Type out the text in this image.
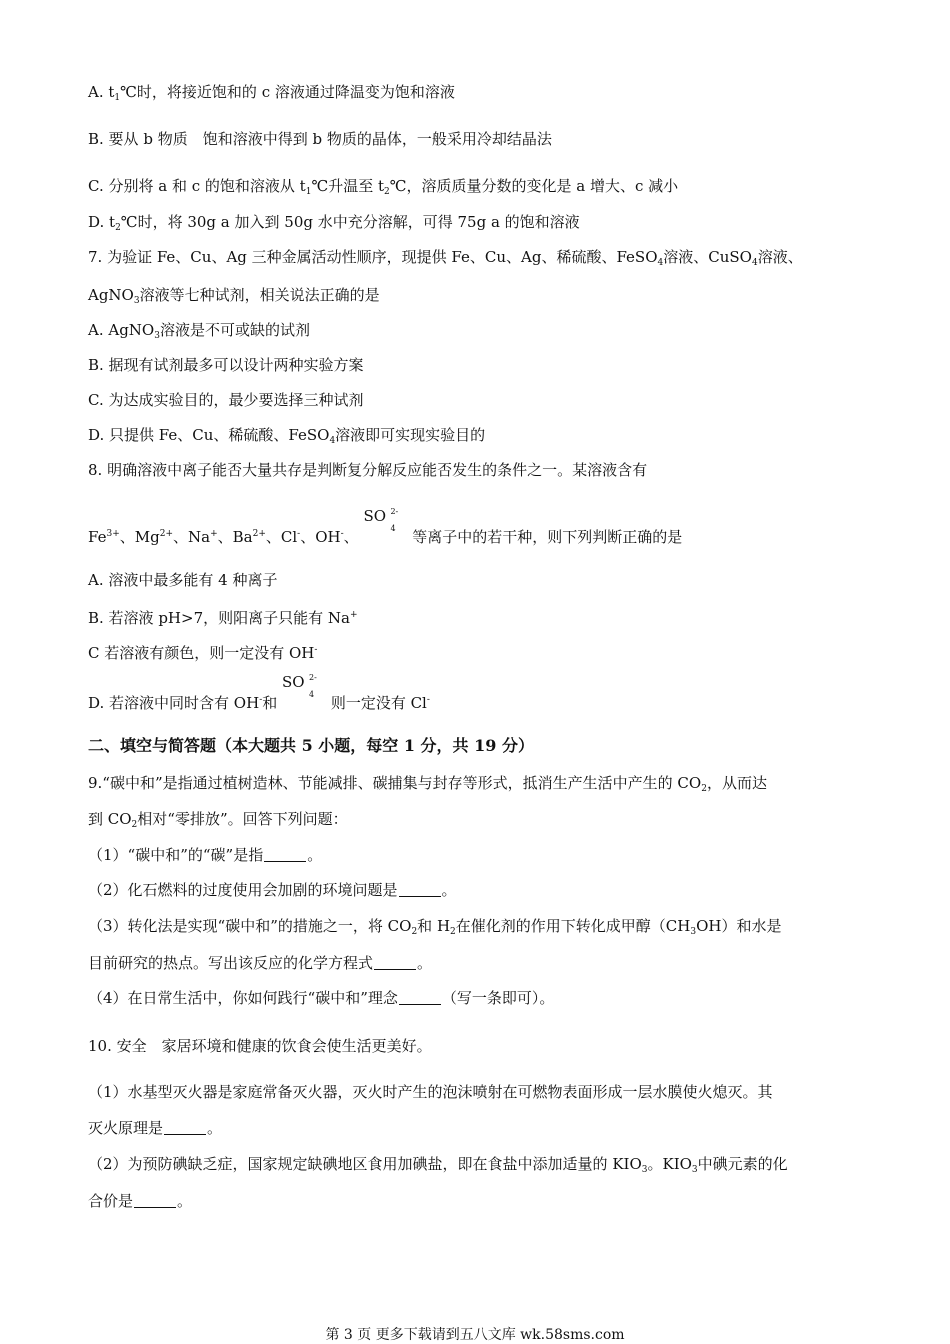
A. $t_1℃$时，将接近饱和的 c 溶液通过降温变为饱和溶液
B. 要从 b 物质　饱和溶液中得到 b 物质的晶体，一般采用冷却结晶法
C. 分别将 a 和 c 的饱和溶液从 $t_1℃$升温至 $t_2℃$，溶质质量分数的变化是 a 增大、c 减小
D. $t_2℃$时，将 30g a 加入到 50g 水中充分溶解，可得 75g a 的饱和溶液
7. 为验证 Fe、Cu、Ag 三种金属活动性顺序，现提供 Fe、Cu、Ag、稀硫酸、FeSO$_4$溶液、CuSO$_4$溶液、
AgNO$_3$溶液等七种试剂，相关说法正确的是
A. AgNO$_3$溶液是不可或缺的试剂
B. 据现有试剂最多可以设计两种实验方案
C. 为达成实验目的，最少要选择三种试剂
D. 只提供 Fe、Cu、稀硫酸、FeSO$_4$溶液即可实现实验目的
8. 明确溶液中离子能否大量共存是判断复分解反应能否发生的条件之一。某溶液含有
$Fe^{3+}$、$Mg^{2+}$、Na+、$Ba^{2+}$、Cl-、OH-、
SO 2-
4 等离子中的若干种，则下列判断正确的是
A. 溶液中最多能有 4 种离子
B. 若溶液 pH>7，则阳离子只能有 Na+
C 若溶液有颜色，则一定没有 OH-
D. 若溶液中同时含有 OH-和
SO 2-
4 则一定没有 Cl-
二、填空与简答题（本大题共 5 小题，每空 1 分，共 19 分）
9.“碳中和”是指通过植树造林、节能减排、碳捕集与封存等形式，抵消生产生活中产生的 $CO_2$，从而达
到 $CO_2$相对“零排放”。回答下列问题：
（1）“碳中和”的“碳”是指	。
（2）化石燃料的过度使用会加剧的环境问题是	。
（3）转化法是实现“碳中和”的措施之一，将 $CO_2$和 $H_2$在催化剂的作用下转化成甲醇$(CH_3OH)$和水是
目前研究的热点。写出该反应的化学方程式	。
（4）在日常生活中，你如何践行“碳中和”理念	（写一条即可）。
10. 安全　家居环境和健康的饮食会使生活更美好。
（1）水基型灭火器是家庭常备灭火器，灭火时产生的泡沫喷射在可燃物表面形成一层水膜使火熄灭。其
灭火原理是	。
（2）为预防碘缺乏症，国家规定缺碘地区食用加碘盐，即在食盐中添加适量的 $KIO_3$。$KIO_3$中碘元素的化
合价是	。
第 3 页 更多下载请到五八文库 wk.58sms.com
